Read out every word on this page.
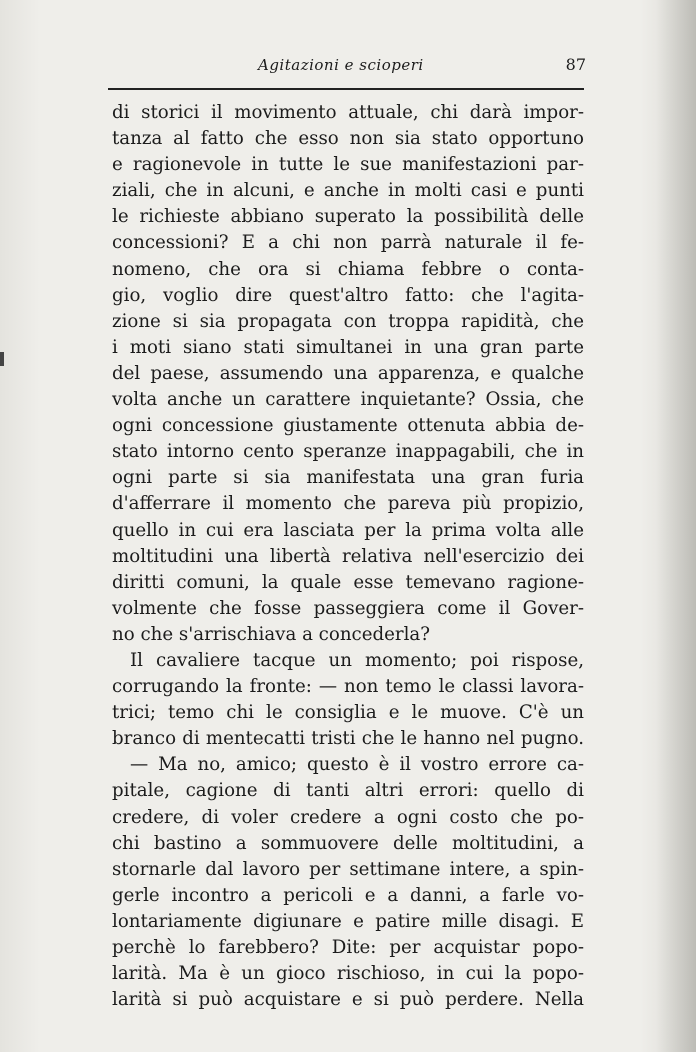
Agitazioni e scioperi	87
di storici il movimento attuale, chi darà impor-
tanza al fatto che esso non sia stato opportuno
e ragionevole in tutte le sue manifestazioni par-
ziali, che in alcuni, e anche in molti casi e punti
le richieste abbiano superato la possibilità delle
concessioni? E a chi non parrà naturale il fe-
nomeno, che ora si chiama febbre o conta-
gio, voglio dire quest'altro fatto: che l'agita-
zione si sia propagata con troppa rapidità, che
i moti siano stati simultanei in una gran parte
del paese, assumendo una apparenza, e qualche
volta anche un carattere inquietante? Ossia, che
ogni concessione giustamente ottenuta abbia de-
stato intorno cento speranze inappagabili, che in
ogni parte si sia manifestata una gran furia
d'afferrare il momento che pareva più propizio,
quello in cui era lasciata per la prima volta alle
moltitudini una libertà relativa nell'esercizio dei
diritti comuni, la quale esse temevano ragione-
volmente che fosse passeggiera come il Gover-
no che s'arrischiava a concederla?
Il cavaliere tacque un momento; poi rispose,
corrugando la fronte: — non temo le classi lavora-
trici; temo chi le consiglia e le muove. C'è un
branco di mentecatti tristi che le hanno nel pugno.
— Ma no, amico; questo è il vostro errore ca-
pitale, cagione di tanti altri errori: quello di
credere, di voler credere a ogni costo che po-
chi bastino a sommuovere delle moltitudini, a
stornarle dal lavoro per settimane intere, a spin-
gerle incontro a pericoli e a danni, a farle vo-
lontariamente digiunare e patire mille disagi. E
perchè lo farebbero? Dite: per acquistar popo-
larità. Ma è un gioco rischioso, in cui la popo-
larità si può acquistare e si può perdere. Nella
